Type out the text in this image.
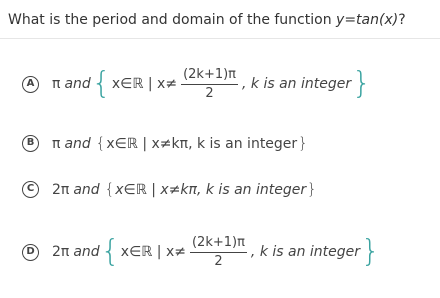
What is the period and domain of the function y=tan(x)?
A	π and { x∈ℝ | $x\ne \frac{(2k+1)\pi}{2}$ , k is an integer }
B	π and { x∈ℝ | x≠kπ, k is an integer }
C	2π and { x∈ℝ | x≠kπ, k is an integer }
D	2π and { x∈ℝ | $x\ne \frac{(2k+1)\pi}{2}$ , k is an integer }
